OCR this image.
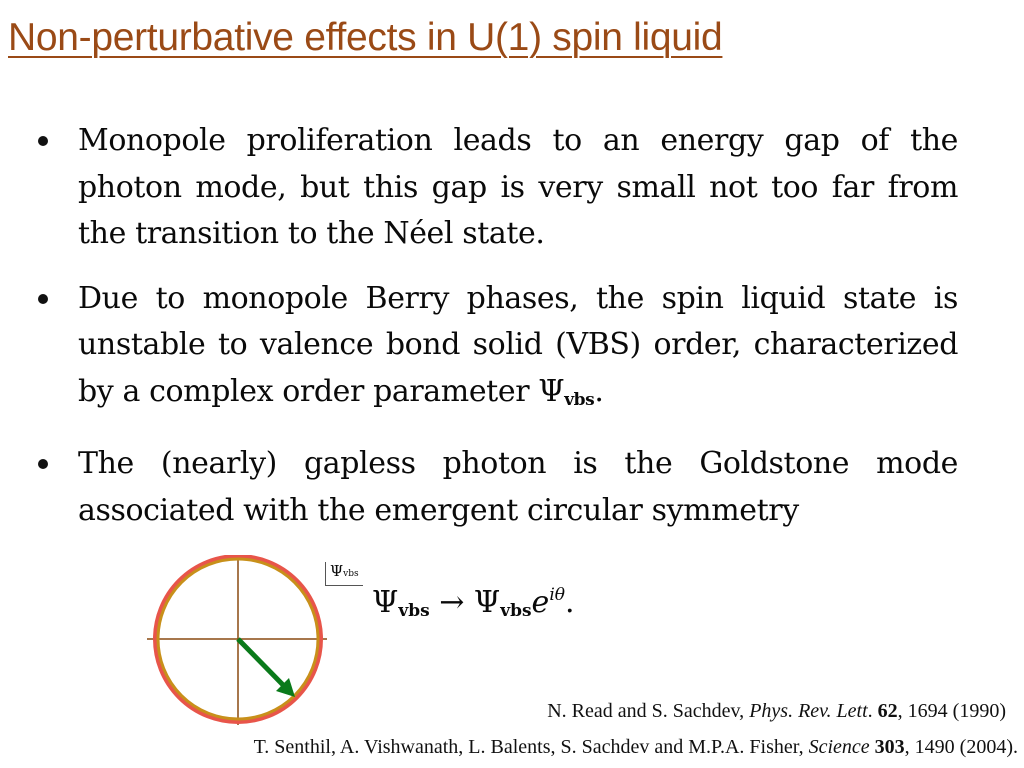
Non-perturbative effects in U(1) spin liquid
Monopole proliferation leads to an energy gap of the photon mode, but this gap is very small not too far from the transition to the Néel state.
Due to monopole Berry phases, the spin liquid state is unstable to valence bond solid (VBS) order, characterized by a complex order parameter $\Psi_{vbs}$.
The (nearly) gapless photon is the Goldstone mode associated with the emergent circular symmetry
Ψvbs
$\Psi_{vbs} \to \Psi_{vbs}e^{i\theta}$.
N. Read and S. Sachdev, Phys. Rev. Lett. 62, 1694 (1990)
T. Senthil, A. Vishwanath, L. Balents, S. Sachdev and M.P.A. Fisher, Science 303, 1490 (2004).
